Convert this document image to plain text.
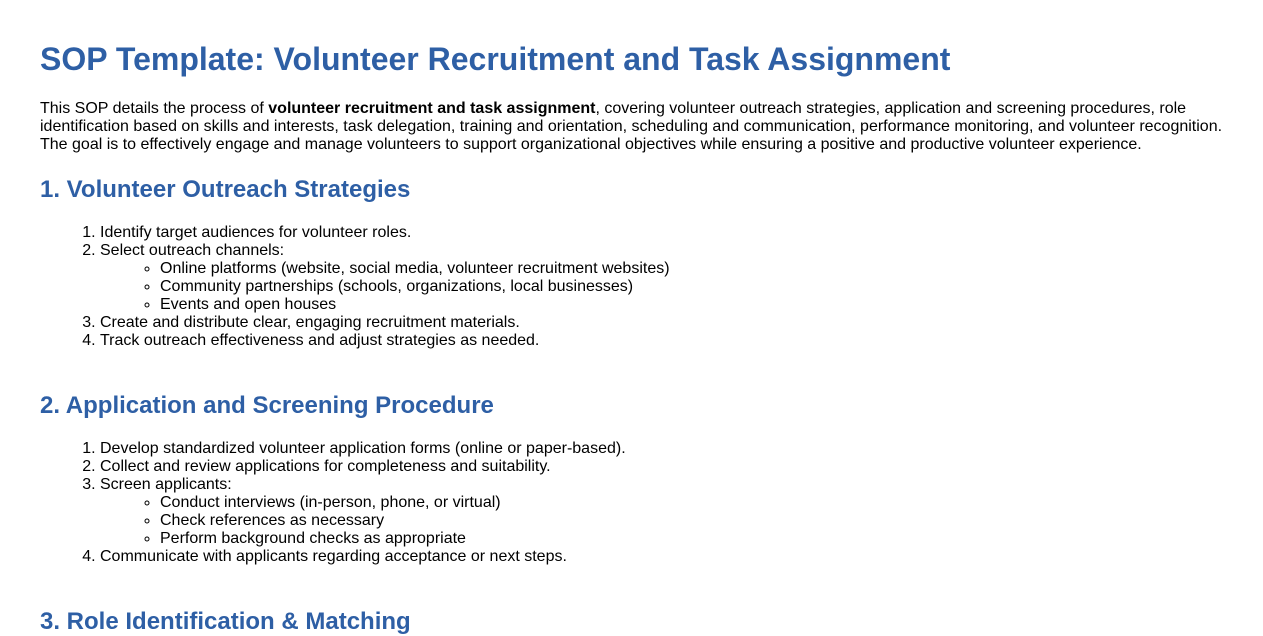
SOP Template: Volunteer Recruitment and Task Assignment

This SOP details the process of volunteer recruitment and task assignment, covering volunteer outreach strategies, application and screening procedures, role identification based on skills and interests, task delegation, training and orientation, scheduling and communication, performance monitoring, and volunteer recognition. The goal is to effectively engage and manage volunteers to support organizational objectives while ensuring a positive and productive volunteer experience.

1. Volunteer Outreach Strategies
1. Identify target audiences for volunteer roles.
2. Select outreach channels:
◦ Online platforms (website, social media, volunteer recruitment websites)
◦ Community partnerships (schools, organizations, local businesses)
◦ Events and open houses
3. Create and distribute clear, engaging recruitment materials.
4. Track outreach effectiveness and adjust strategies as needed.
2. Application and Screening Procedure
1. Develop standardized volunteer application forms (online or paper-based).
2. Collect and review applications for completeness and suitability.
3. Screen applicants:
◦ Conduct interviews (in-person, phone, or virtual)
◦ Check references as necessary
◦ Perform background checks as appropriate
4. Communicate with applicants regarding acceptance or next steps.
3. Role Identification & Matching
